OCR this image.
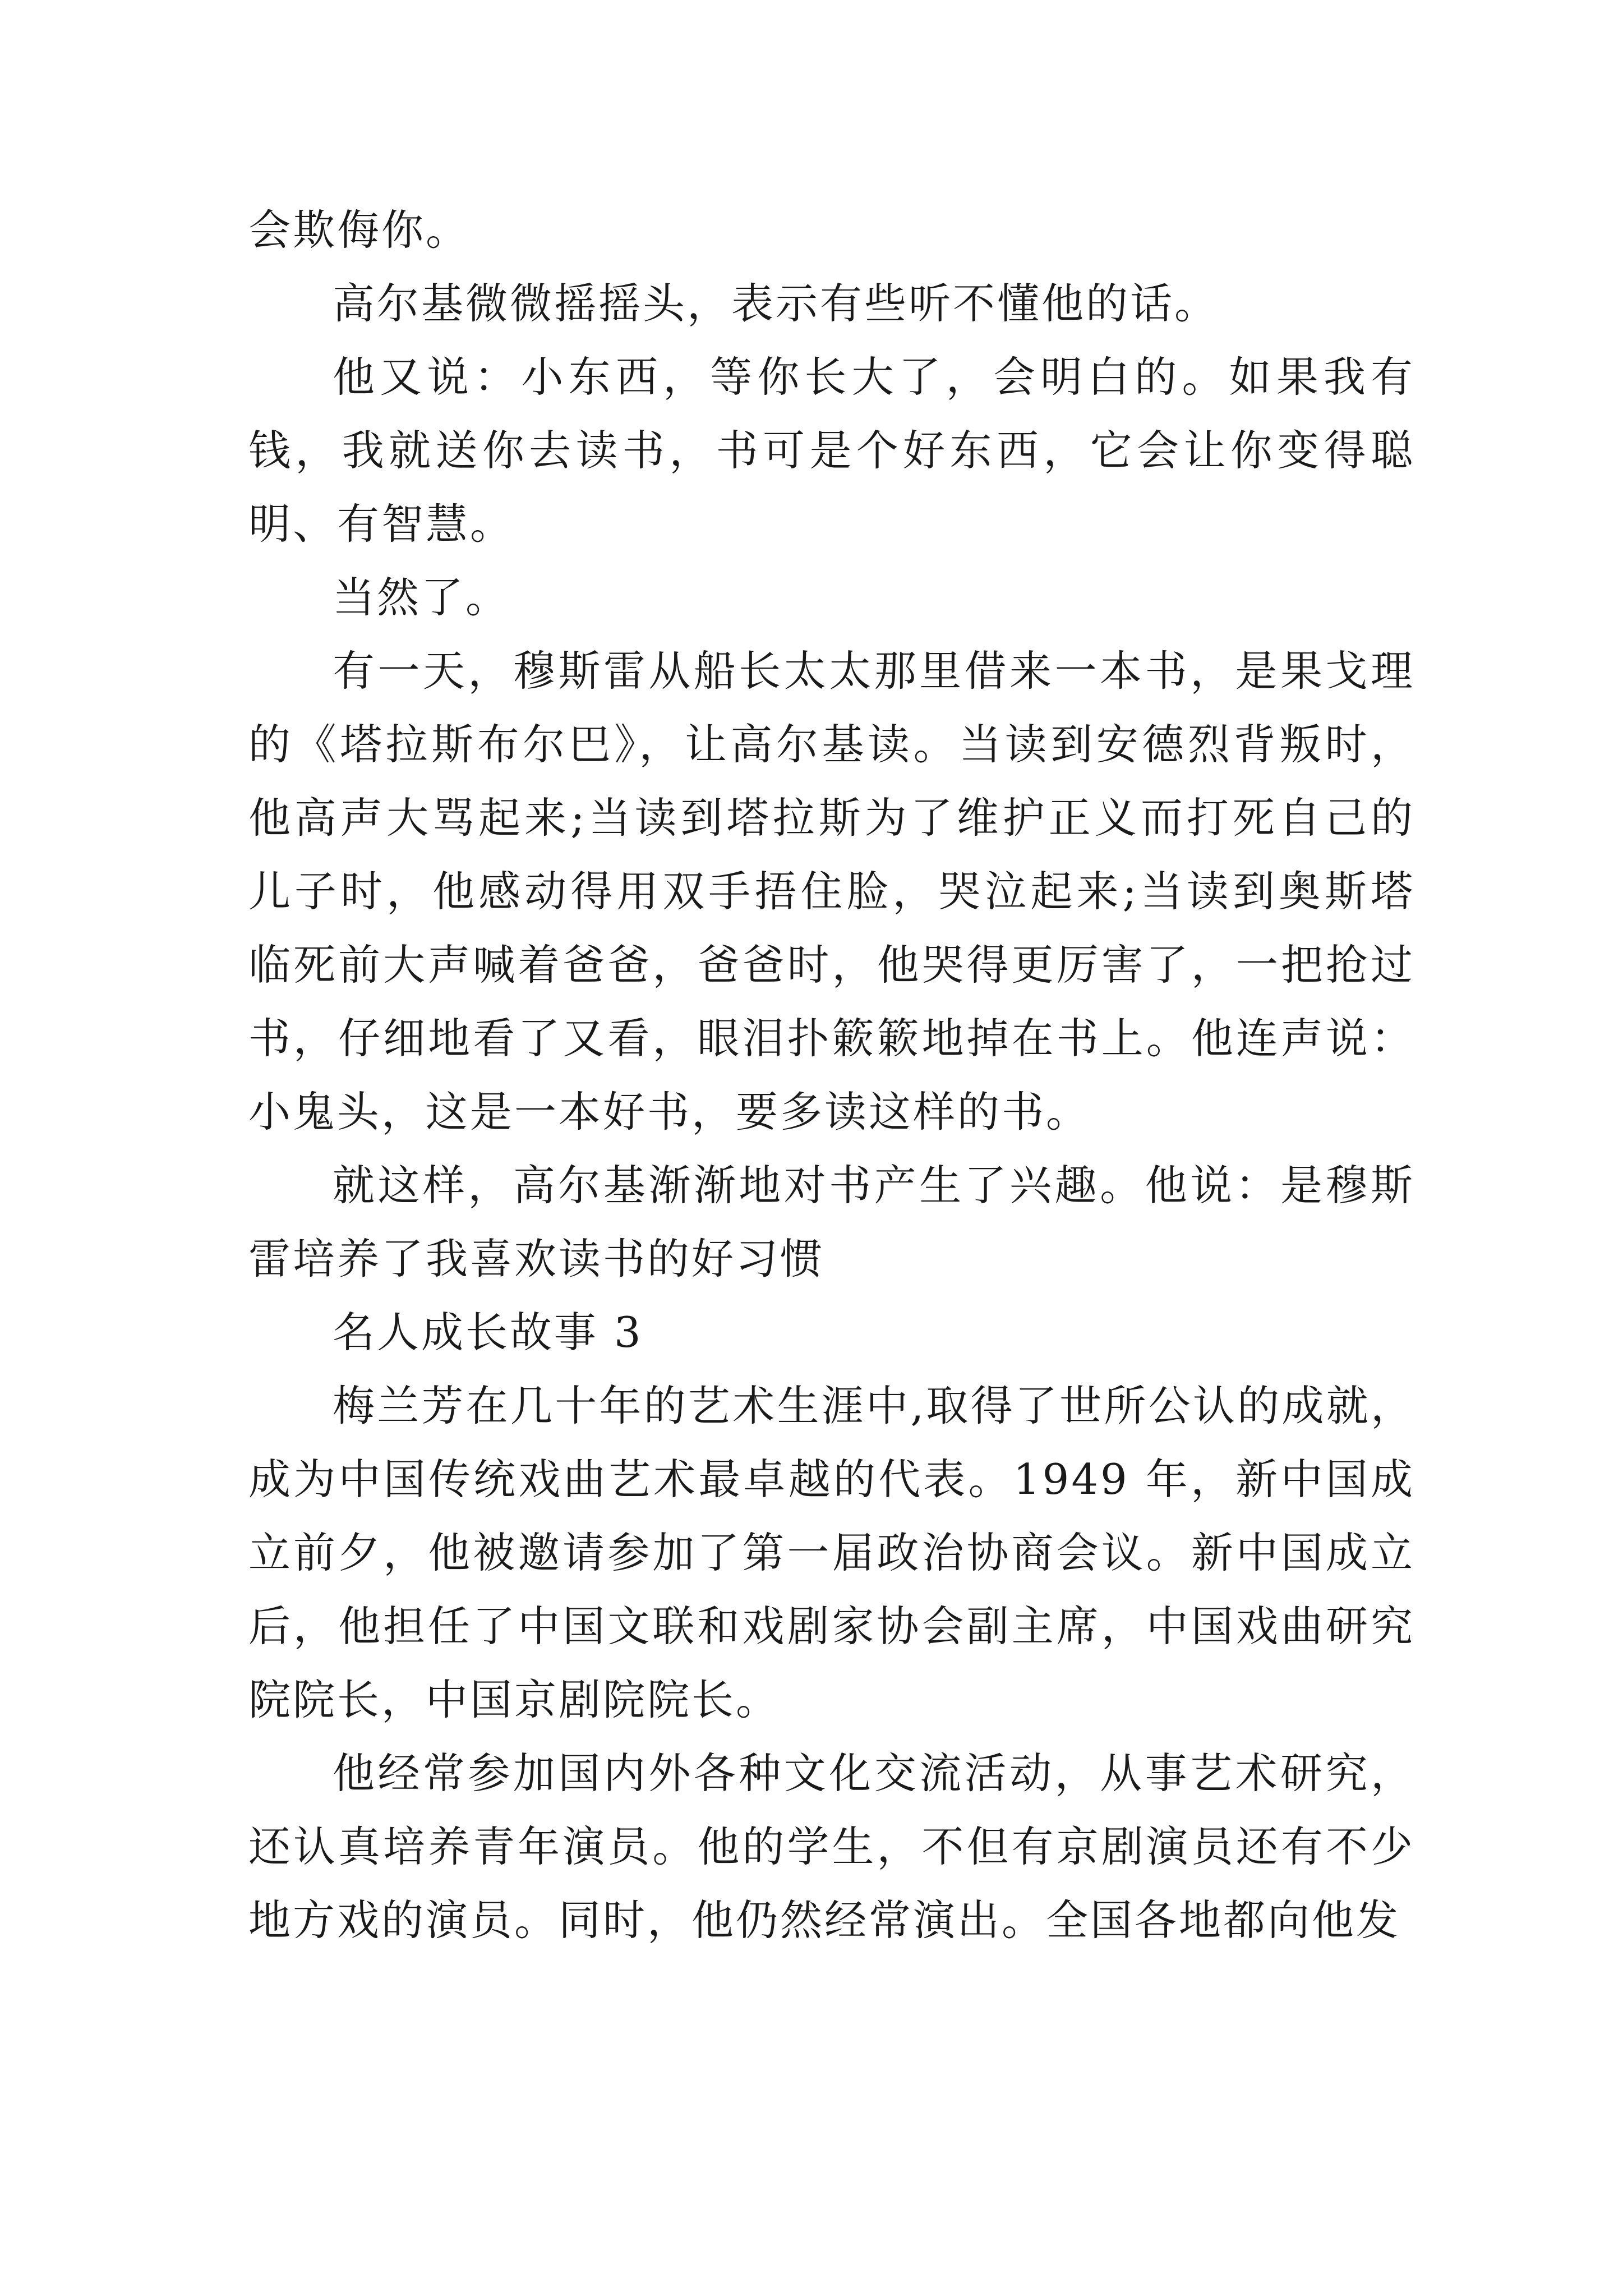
会欺侮你。

高尔基微微摇摇头，表示有些听不懂他的话。

他又说：小东西，等你长大了，会明白的。如果我有钱，我就送你去读书，书可是个好东西，它会让你变得聪明、有智慧。

当然了。

有一天，穆斯雷从船长太太那里借来一本书，是果戈理的《塔拉斯布尔巴》，让高尔基读。当读到安德烈背叛时，他高声大骂起来;当读到塔拉斯为了维护正义而打死自己的儿子时，他感动得用双手捂住脸，哭泣起来;当读到奥斯塔临死前大声喊着爸爸，爸爸时，他哭得更厉害了，一把抢过书，仔细地看了又看，眼泪扑簌簌地掉在书上。他连声说：小鬼头，这是一本好书，要多读这样的书。

就这样，高尔基渐渐地对书产生了兴趣。他说：是穆斯雷培养了我喜欢读书的好习惯

名人成长故事 3

梅兰芳在几十年的艺术生涯中,取得了世所公认的成就，成为中国传统戏曲艺术最卓越的代表。1949 年，新中国成立前夕，他被邀请参加了第一届政治协商会议。新中国成立后，他担任了中国文联和戏剧家协会副主席，中国戏曲研究院院长，中国京剧院院长。

他经常参加国内外各种文化交流活动，从事艺术研究，还认真培养青年演员。他的学生，不但有京剧演员还有不少地方戏的演员。同时，他仍然经常演出。全国各地都向他发
